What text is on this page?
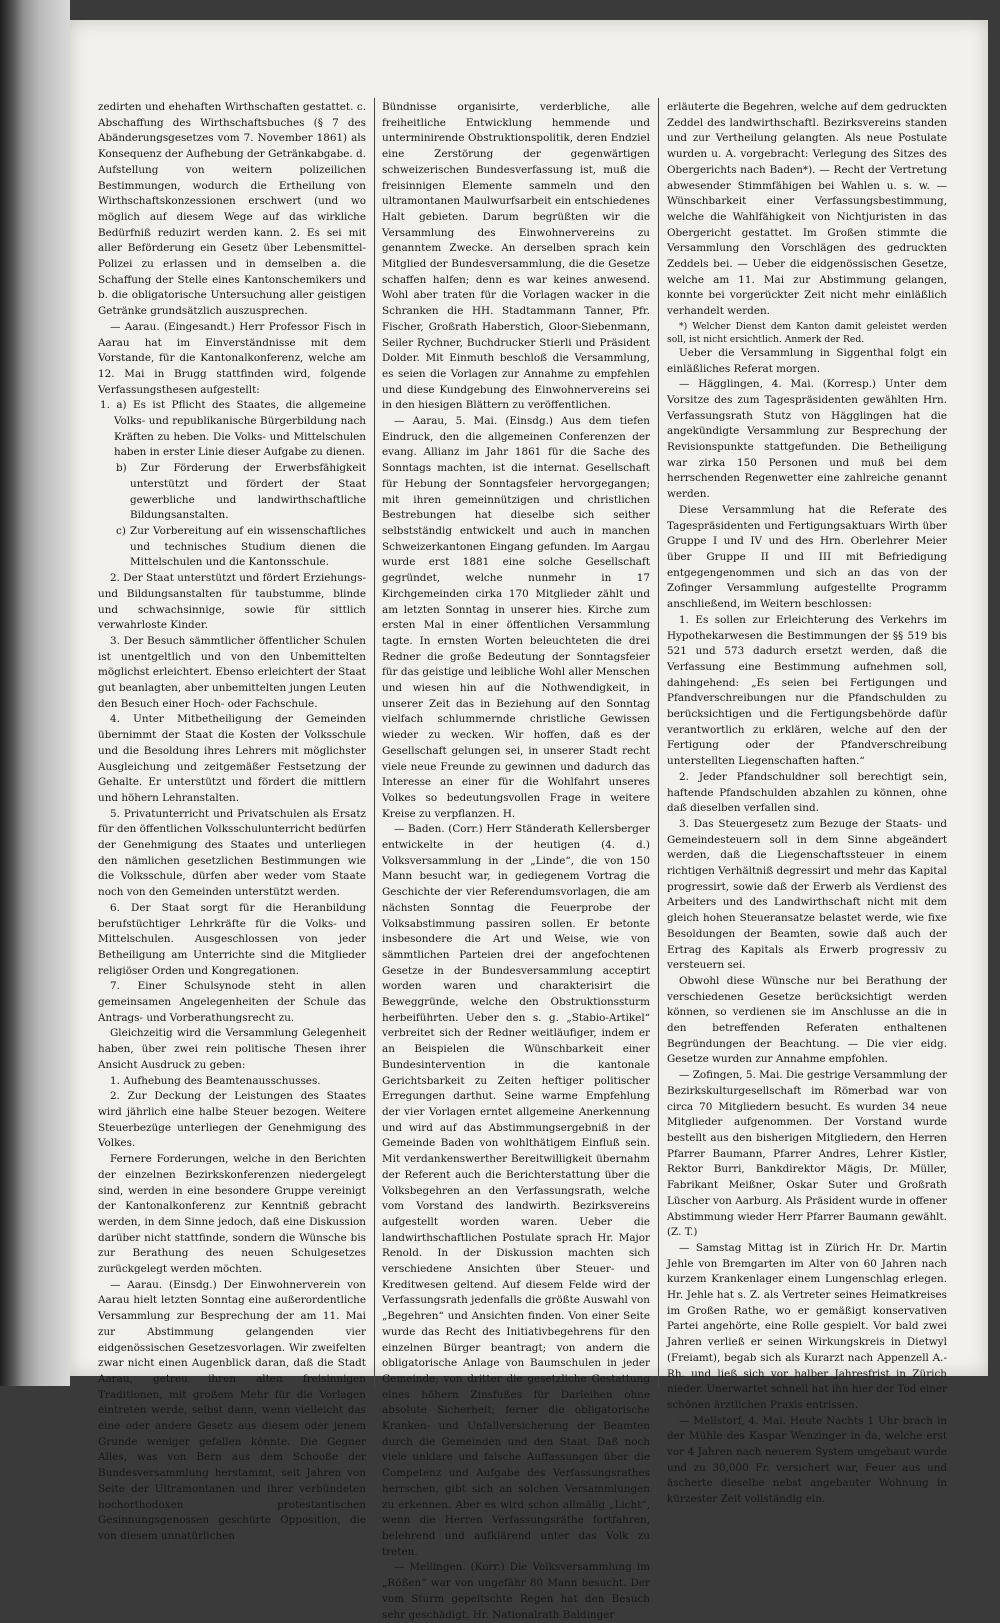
zedirten und ehehaften Wirthschaften gestattet. c. Abschaffung des Wirthschaftsbuches (§ 7 des Abänderungsgesetzes vom 7. November 1861) als Konsequenz der Aufhebung der Getränkabgabe. d. Aufstellung von weitern polizeilichen Bestimmungen, wodurch die Ertheilung von Wirthschaftskonzessionen erschwert (und wo möglich auf diesem Wege auf das wirkliche Bedürfniß reduzirt werden kann. 2. Es sei mit aller Beförderung ein Gesetz über Lebensmittel-Polizei zu erlassen und in demselben a. die Schaffung der Stelle eines Kantonschemikers und b. die obligatorische Untersuchung aller geistigen Getränke grundsätzlich auszusprechen.

— Aarau. (Eingesandt.) Herr Professor Fisch in Aarau hat im Einverständnisse mit dem Vorstande, für die Kantonalkonferenz, welche am 12. Mai in Brugg stattfinden wird, folgende Verfassungsthesen aufgestellt:

1. a) Es ist Pflicht des Staates, die allgemeine Volks- und republikanische Bürgerbildung nach Kräften zu heben. Die Volks- und Mittelschulen haben in erster Linie dieser Aufgabe zu dienen.

b) Zur Förderung der Erwerbsfähigkeit unterstützt und fördert der Staat gewerbliche und landwirthschaftliche Bildungsanstalten.

c) Zur Vorbereitung auf ein wissenschaftliches und technisches Studium dienen die Mittelschulen und die Kantonsschule.

2. Der Staat unterstützt und fördert Erziehungs- und Bildungsanstalten für taubstumme, blinde und schwachsinnige, sowie für sittlich verwahrloste Kinder.

3. Der Besuch sämmtlicher öffentlicher Schulen ist unentgeltlich und von den Unbemittelten möglichst erleichtert. Ebenso erleichtert der Staat gut beanlagten, aber unbemittelten jungen Leuten den Besuch einer Hoch- oder Fachschule.

4. Unter Mitbetheiligung der Gemeinden übernimmt der Staat die Kosten der Volksschule und die Besoldung ihres Lehrers mit möglichster Ausgleichung und zeitgemäßer Festsetzung der Gehalte. Er unterstützt und fördert die mittlern und höhern Lehranstalten.

5. Privatunterricht und Privatschulen als Ersatz für den öffentlichen Volksschulunterricht bedürfen der Genehmigung des Staates und unterliegen den nämlichen gesetzlichen Bestimmungen wie die Volksschule, dürfen aber weder vom Staate noch von den Gemeinden unterstützt werden.

6. Der Staat sorgt für die Heranbildung berufstüchtiger Lehrkräfte für die Volks- und Mittelschulen. Ausgeschlossen von jeder Betheiligung am Unterrichte sind die Mitglieder religiöser Orden und Kongregationen.

7. Einer Schulsynode steht in allen gemeinsamen Angelegenheiten der Schule das Antrags- und Vorberathungsrecht zu.

Gleichzeitig wird die Versammlung Gelegenheit haben, über zwei rein politische Thesen ihrer Ansicht Ausdruck zu geben:

1. Aufhebung des Beamtenausschusses.

2. Zur Deckung der Leistungen des Staates wird jährlich eine halbe Steuer bezogen. Weitere Steuerbezüge unterliegen der Genehmigung des Volkes.

Fernere Forderungen, welche in den Berichten der einzelnen Bezirkskonferenzen niedergelegt sind, werden in eine besondere Gruppe vereinigt der Kantonalkonferenz zur Kenntniß gebracht werden, in dem Sinne jedoch, daß eine Diskussion darüber nicht stattfinde, sondern die Wünsche bis zur Berathung des neuen Schulgesetzes zurückgelegt werden möchten.

— Aarau. (Einsdg.) Der Einwohnerverein von Aarau hielt letzten Sonntag eine außerordentliche Versammlung zur Besprechung der am 11. Mai zur Abstimmung gelangenden vier eidgenössischen Gesetzesvorlagen. Wir zweifelten zwar nicht einen Augenblick daran, daß die Stadt Aarau, getreu ihren alten freisinnigen Traditionen, mit großem Mehr für die Vorlagen eintreten werde, selbst dann, wenn vielleicht das eine oder andere Gesetz aus diesem oder jenem Grunde weniger gefallen könnte. Die Gegner Alles, was von Bern aus dem Schooße der Bundesversammlung herstammt, seit Jahren von Seite der Ultramontanen und ihrer verbündeten hochorthodoxen protestantischen Gesinnungsgenossen geschürte Opposition, die von diesem unnatürlichen

Bündnisse organisirte, verderbliche, alle freiheitliche Entwicklung hemmende und unterminirende Obstruktionspolitik, deren Endziel eine Zerstörung der gegenwärtigen schweizerischen Bundesverfassung ist, muß die freisinnigen Elemente sammeln und den ultramontanen Maulwurfsarbeit ein entschiedenes Halt gebieten. Darum begrüßten wir die Versammlung des Einwohnervereins zu genanntem Zwecke. An derselben sprach kein Mitglied der Bundesversammlung, die die Gesetze schaffen halfen; denn es war keines anwesend. Wohl aber traten für die Vorlagen wacker in die Schranken die HH. Stadtammann Tanner, Pfr. Fischer, Großrath Haberstich, Gloor-Siebenmann, Seiler Rychner, Buchdrucker Stierli und Präsident Dolder. Mit Einmuth beschloß die Versammlung, es seien die Vorlagen zur Annahme zu empfehlen und diese Kundgebung des Einwohnervereins sei in den hiesigen Blättern zu veröffentlichen.

— Aarau, 5. Mai. (Einsdg.) Aus dem tiefen Eindruck, den die allgemeinen Conferenzen der evang. Allianz im Jahr 1861 für die Sache des Sonntags machten, ist die internat. Gesellschaft für Hebung der Sonntagsfeier hervorgegangen; mit ihren gemeinnützigen und christlichen Bestrebungen hat dieselbe sich seither selbstständig entwickelt und auch in manchen Schweizerkantonen Eingang gefunden. Im Aargau wurde erst 1881 eine solche Gesellschaft gegründet, welche nunmehr in 17 Kirchgemeinden cirka 170 Mitglieder zählt und am letzten Sonntag in unserer hies. Kirche zum ersten Mal in einer öffentlichen Versammlung tagte. In ernsten Worten beleuchteten die drei Redner die große Bedeutung der Sonntagsfeier für das geistige und leibliche Wohl aller Menschen und wiesen hin auf die Nothwendigkeit, in unserer Zeit das in Beziehung auf den Sonntag vielfach schlummernde christliche Gewissen wieder zu wecken. Wir hoffen, daß es der Gesellschaft gelungen sei, in unserer Stadt recht viele neue Freunde zu gewinnen und dadurch das Interesse an einer für die Wohlfahrt unseres Volkes so bedeutungsvollen Frage in weitere Kreise zu verpflanzen. H.

— Baden. (Corr.) Herr Ständerath Kellersberger entwickelte in der heutigen (4. d.) Volksversammlung in der „Linde“, die von 150 Mann besucht war, in gediegenem Vortrag die Geschichte der vier Referendumsvorlagen, die am nächsten Sonntag die Feuerprobe der Volksabstimmung passiren sollen. Er betonte insbesondere die Art und Weise, wie von sämmtlichen Parteien drei der angefochtenen Gesetze in der Bundesversammlung acceptirt worden waren und charakterisirt die Beweggründe, welche den Obstruktionssturm herbeiführten. Ueber den s. g. „Stabio-Artikel“ verbreitet sich der Redner weitläufiger, indem er an Beispielen die Wünschbarkeit einer Bundesintervention in die kantonale Gerichtsbarkeit zu Zeiten heftiger politischer Erregungen darthut. Seine warme Empfehlung der vier Vorlagen erntet allgemeine Anerkennung und wird auf das Abstimmungsergebniß in der Gemeinde Baden von wohlthätigem Einfluß sein. Mit verdankenswerther Bereitwilligkeit übernahm der Referent auch die Berichterstattung über die Volksbegehren an den Verfassungsrath, welche vom Vorstand des landwirth. Bezirksvereins aufgestellt worden waren. Ueber die landwirthschaftlichen Postulate sprach Hr. Major Renold. In der Diskussion machten sich verschiedene Ansichten über Steuer- und Kreditwesen geltend. Auf diesem Felde wird der Verfassungsrath jedenfalls die größte Auswahl von „Begehren“ und Ansichten finden. Von einer Seite wurde das Recht des Initiativbegehrens für den einzelnen Bürger beantragt; von andern die obligatorische Anlage von Baumschulen in jeder Gemeinde; von dritter die gesetzliche Gestattung eines höhern Zinsfußes für Darleihen ohne absolute Sicherheit; ferner die obligatorische Kranken- und Unfallversicherung der Beamten durch die Gemeinden und den Staat. Daß noch viele unklare und falsche Auffassungen über die Competenz und Aufgabe des Verfassungsrathes herrschen, gibt sich an solchen Versammlungen zu erkennen. Aber es wird schon allmälig „Licht“, wenn die Herren Verfassungsräthe fortfahren, belehrend und aufklärend unter das Volk zu treten.

— Mellingen. (Korr.) Die Volksversammlung im „Rößen“ war von ungefähr 80 Mann besucht. Der vom Sturm gepeitschte Regen hat den Besuch sehr geschädigt. Hr. Nationalrath Baldinger

erläuterte die Begehren, welche auf dem gedruckten Zeddel des landwirthschaftl. Bezirksvereins standen und zur Vertheilung gelangten. Als neue Postulate wurden u. A. vorgebracht: Verlegung des Sitzes des Obergerichts nach Baden*). — Recht der Vertretung abwesender Stimmfähigen bei Wahlen u. s. w. — Wünschbarkeit einer Verfassungsbestimmung, welche die Wahlfähigkeit von Nichtjuristen in das Obergericht gestattet. Im Großen stimmte die Versammlung den Vorschlägen des gedruckten Zeddels bei. — Ueber die eidgenössischen Gesetze, welche am 11. Mai zur Abstimmung gelangen, konnte bei vorgerückter Zeit nicht mehr einläßlich verhandelt werden.

*) Welcher Dienst dem Kanton damit geleistet werden soll, ist nicht ersichtlich. Anmerk der Red.

Ueber die Versammlung in Siggenthal folgt ein einläßliches Referat morgen.

— Hägglingen, 4. Mai. (Korresp.) Unter dem Vorsitze des zum Tagespräsidenten gewählten Hrn. Verfassungsrath Stutz von Hägglingen hat die angekündigte Versammlung zur Besprechung der Revisionspunkte stattgefunden. Die Betheiligung war zirka 150 Personen und muß bei dem herrschenden Regenwetter eine zahlreiche genannt werden.

Diese Versammlung hat die Referate des Tagespräsidenten und Fertigungsaktuars Wirth über Gruppe I und IV und des Hrn. Oberlehrer Meier über Gruppe II und III mit Befriedigung entgegengenommen und sich an das von der Zofinger Versammlung aufgestellte Programm anschließend, im Weitern beschlossen:

1. Es sollen zur Erleichterung des Verkehrs im Hypothekarwesen die Bestimmungen der §§ 519 bis 521 und 573 dadurch ersetzt werden, daß die Verfassung eine Bestimmung aufnehmen soll, dahingehend: „Es seien bei Fertigungen und Pfandverschreibungen nur die Pfandschulden zu berücksichtigen und die Fertigungsbehörde dafür verantwortlich zu erklären, welche auf den der Fertigung oder der Pfandverschreibung unterstellten Liegenschaften haften.“

2. Jeder Pfandschuldner soll berechtigt sein, haftende Pfandschulden abzahlen zu können, ohne daß dieselben verfallen sind.

3. Das Steuergesetz zum Bezuge der Staats- und Gemeindesteuern soll in dem Sinne abgeändert werden, daß die Liegenschaftssteuer in einem richtigen Verhältniß degressirt und mehr das Kapital progressirt, sowie daß der Erwerb als Verdienst des Arbeiters und des Landwirthschaft nicht mit dem gleich hohen Steueransatze belastet werde, wie fixe Besoldungen der Beamten, sowie daß auch der Ertrag des Kapitals als Erwerb progressiv zu versteuern sei.

Obwohl diese Wünsche nur bei Berathung der verschiedenen Gesetze berücksichtigt werden können, so verdienen sie im Anschlusse an die in den betreffenden Referaten enthaltenen Begründungen der Beachtung. — Die vier eidg. Gesetze wurden zur Annahme empfohlen.

— Zofingen, 5. Mai. Die gestrige Versammlung der Bezirkskulturgesellschaft im Römerbad war von circa 70 Mitgliedern besucht. Es wurden 34 neue Mitglieder aufgenommen. Der Vorstand wurde bestellt aus den bisherigen Mitgliedern, den Herren Pfarrer Baumann, Pfarrer Andres, Lehrer Kistler, Rektor Burri, Bankdirektor Mägis, Dr. Müller, Fabrikant Meißner, Oskar Suter und Großrath Lüscher von Aarburg. Als Präsident wurde in offener Abstimmung wieder Herr Pfarrer Baumann gewählt. (Z. T.)

— Samstag Mittag ist in Zürich Hr. Dr. Martin Jehle von Bremgarten im Alter von 60 Jahren nach kurzem Krankenlager einem Lungenschlag erlegen. Hr. Jehle hat s. Z. als Vertreter seines Heimatkreises im Großen Rathe, wo er gemäßigt konservativen Partei angehörte, eine Rolle gespielt. Vor bald zwei Jahren verließ er seinen Wirkungskreis in Dietwyl (Freiamt), begab sich als Kurarzt nach Appenzell A.-Rh. und ließ sich vor halber Jahresfrist in Zürich nieder. Unerwartet schnell hat ihn hier der Tod einer schönen ärztlichen Praxis entrissen.

— Mellstorf, 4. Mai. Heute Nachts 1 Uhr brach in der Mühle des Kaspar Wenzinger in da, welche erst vor 4 Jahren nach neuerem System umgebaut wurde und zu 30,000 Fr. versichert war, Feuer aus und äscherte dieselbe nebst angebauter Wohnung in kürzester Zeit vollständig ein.
